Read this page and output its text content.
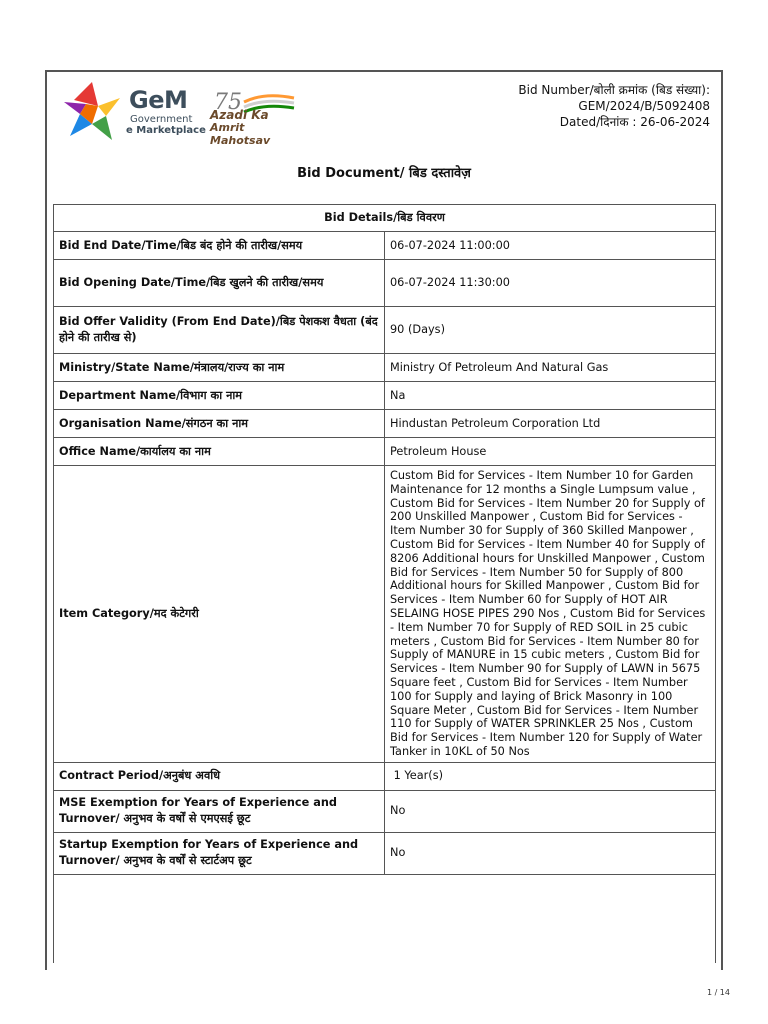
GeM
Government
e Marketplace
75
Azadi Ka
Amrit Mahotsav
Bid Number/बोली क्रमांक (बिड संख्या):
GEM/2024/B/5092408
Dated/दिनांक : 26-06-2024
Bid Document/ बिड दस्तावेज़
Bid Details/बिड विवरण	
Bid End Date/Time/बिड बंद होने की तारीख/समय	06-07-2024 11:00:00
Bid Opening Date/Time/बिड खुलने की तारीख/समय	06-07-2024 11:30:00
Bid Offer Validity (From End Date)/बिड पेशकश वैधता (बंद होने की तारीख से)	90 (Days)
Ministry/State Name/मंत्रालय/राज्य का नाम	Ministry Of Petroleum And Natural Gas
Department Name/विभाग का नाम	Na
Organisation Name/संगठन का नाम	Hindustan Petroleum Corporation Ltd
Office Name/कार्यालय का नाम	Petroleum House
Item Category/मद केटेगरी	Custom Bid for Services - Item Number 10 for Garden Maintenance for 12 months a Single Lumpsum value , Custom Bid for Services - Item Number 20 for Supply of 200 Unskilled Manpower , Custom Bid for Services - Item Number 30 for Supply of 360 Skilled Manpower , Custom Bid for Services - Item Number 40 for Supply of 8206 Additional hours for Unskilled Manpower , Custom Bid for Services - Item Number 50 for Supply of 800 Additional hours for Skilled Manpower , Custom Bid for Services - Item Number 60 for Supply of HOT AIR SELAING HOSE PIPES 290 Nos , Custom Bid for Services - Item Number 70 for Supply of RED SOIL in 25 cubic meters , Custom Bid for Services - Item Number 80 for Supply of MANURE in 15 cubic meters , Custom Bid for Services - Item Number 90 for Supply of LAWN in 5675 Square feet , Custom Bid for Services - Item Number 100 for Supply and laying of Brick Masonry in 100 Square Meter , Custom Bid for Services - Item Number 110 for Supply of WATER SPRINKLER 25 Nos , Custom Bid for Services - Item Number 120 for Supply of Water Tanker in 10KL of 50 Nos
Contract Period/अनुबंध अवधि	1 Year(s)
MSE Exemption for Years of Experience and Turnover/ अनुभव के वर्षों से एमएसई छूट	No
Startup Exemption for Years of Experience and Turnover/ अनुभव के वर्षों से स्टार्टअप छूट	No
1 / 14
